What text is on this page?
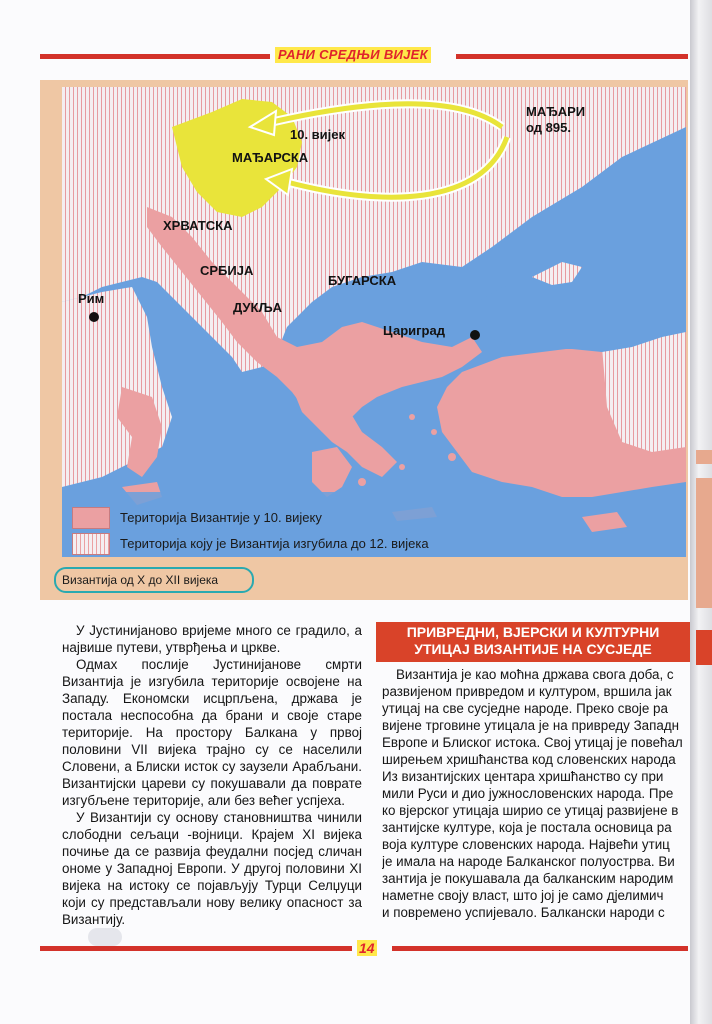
РАНИ СРЕДЊИ ВИЈЕК
10. вијек
МАЂАРСКА
МАЂАРИ
од 895.
ХРВАТСКА
СРБИЈА
ДУКЉА
БУГАРСКА
Рим
Цариград
Територија Византије у 10. вијеку
Територија коју је Византија изгубила до 12. вијека
Византија од X до XII вијека

У Јустинијаново вријеме много се градило, а највише путеви, утврђења и цркве.

Одмах послије Јустинијанове смрти Византија је изгубила територије освојене на Западу. Економски исцрпљена, држава је постала неспособна да брани и своје старе територије. На простору Балкана у првој половини VII вијека трајно су се населили Словени, а Блиски исток су заузели Арабљани. Византијски цареви су покушавали да поврате изгубљене територије, али без већег успјеха.

У Византији су основу становништва чинили слободни сељаци -војници. Крајем XI вијека почиње да се развија феудални посјед сличан ономе у Западној Европи. У другој половини XI вијека на истоку се појављују Турци Селџуци који су представљали нову велику опасност за Византију.

ПРИВРЕДНИ, ВЈЕРСКИ И КУЛТУРНИ
УТИЦАЈ ВИЗАНТИЈЕ НА СУСЈЕДЕ

Византија је као моћна држава свога доба, с

развијеном привредом и културом, вршила јак

утицај на све сусједне народе. Преко своје ра

вијене трговине утицала је на привреду Западн

Европе и Блиског истока. Свој утицај је повећал

ширењем хришћанства код словенских народа

Из византијских центара хришћанство су при

мили Руси и дио јужнословенских народа. Пре

ко вјерског утицаја ширио се утицај развијене в

зантијске културе, која је постала основица ра

воја културе словенских народа. Највећи утиц

је имала на народе Балканског полуострва. Ви

зантија је покушавала да балканским народим

наметне своју власт, што јој је само дјелимич

и повремено успијевало. Балкански народи с

14
